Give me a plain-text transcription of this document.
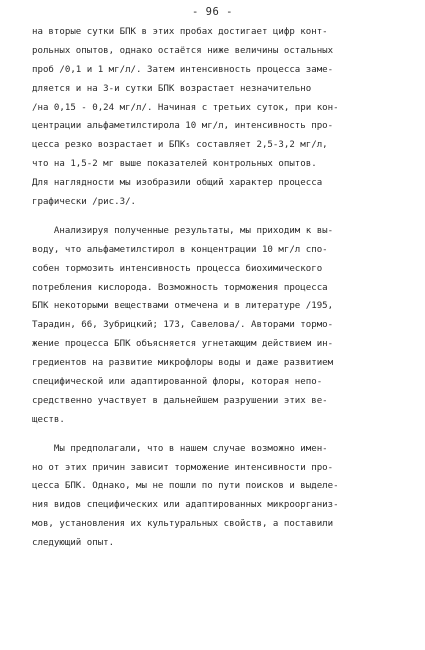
- 96 -
на вторые сутки БПК в этих пробах достигает цифр конт-
рольных опытов, однако остаётся ниже величины остальных
проб /0,1 и 1 мг/л/. Затем интенсивность процесса заме-
дляется и на 3-и сутки БПК возрастает незначительно
/на 0,15 - 0,24 мг/л/. Начиная с третьих суток, при кон-
центрации альфаметилстирола 10 мг/л, интенсивность про-
цесса резко возрастает и БПК₅ составляет 2,5-3,2 мг/л,
что на 1,5-2 мг выше показателей контрольных опытов.
Для наглядности мы изобразили общий характер процесса
графически /рис.3/.
Анализируя полученные результаты, мы приходим к вы-
воду, что альфаметилстирол в концентрации 10 мг/л спо-
собен тормозить интенсивность процесса биохимического
потребления кислорода. Возможность торможения процесса
БПК некоторыми веществами отмечена и в литературе /195,
Тарадин, 66, Зубрицкий; 173, Савелова/. Авторами тормо-
жение процесса БПК объясняется угнетающим действием ин-
гредиентов на развитие микрофлоры воды и даже развитием
специфической или адаптированной флоры, которая непо-
средственно участвует в дальнейшем разрушении этих ве-
ществ.
Мы предполагали, что в нашем случае возможно имен-
но от этих причин зависит торможение интенсивности про-
цесса БПК. Однако, мы не пошли по пути поисков и выделе-
ния видов специфических или адаптированных микроорганиз-
мов, установления их культуральных свойств, а поставили
следующий опыт.
